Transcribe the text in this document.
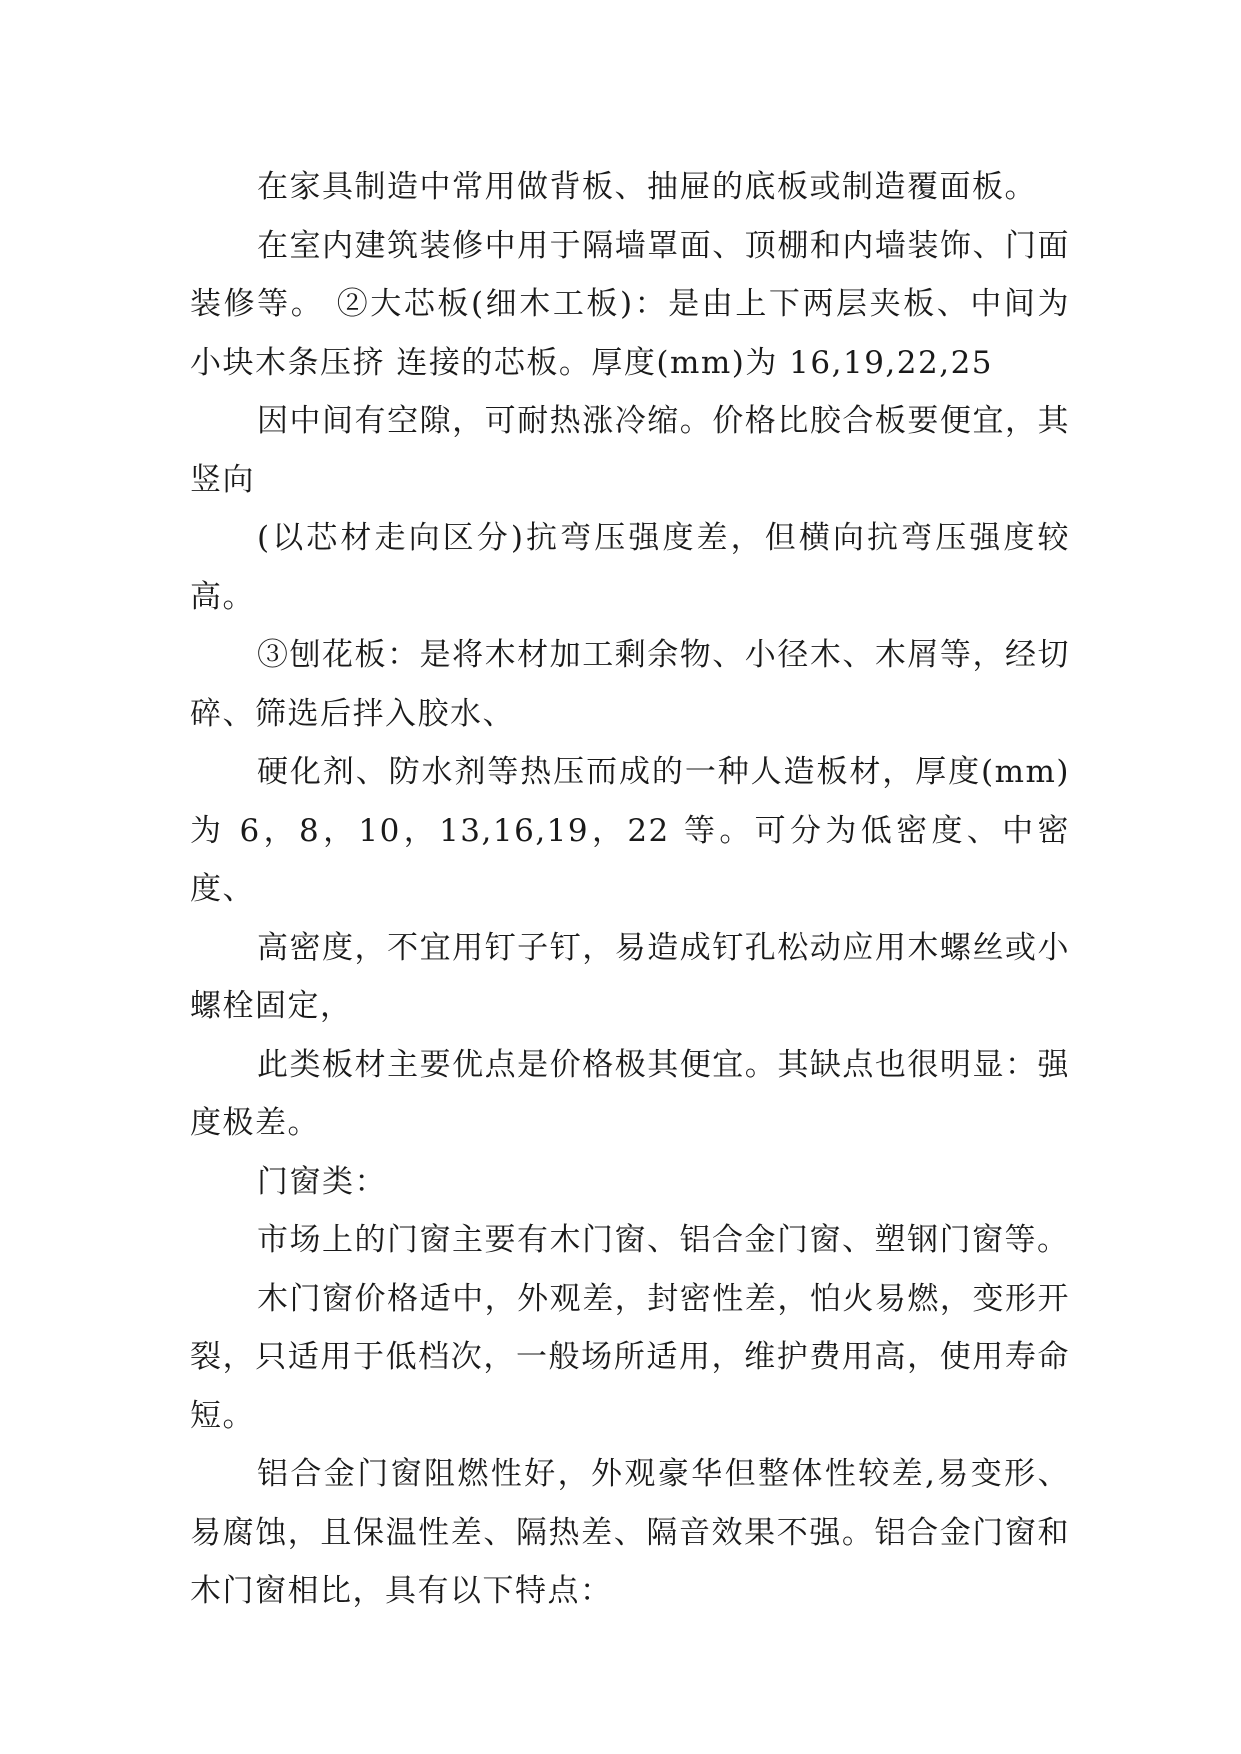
在家具制造中常用做背板、抽屉的底板或制造覆面板。

在室内建筑装修中用于隔墙罩面、顶棚和内墙装饰、门面装修等。 ②大芯板(细木工板)：是由上下两层夹板、中间为小块木条压挤 连接的芯板。厚度(mm)为 16,19,22,25

因中间有空隙，可耐热涨冷缩。价格比胶合板要便宜，其竖向

(以芯材走向区分)抗弯压强度差，但横向抗弯压强度较高。

③刨花板：是将木材加工剩余物、小径木、木屑等，经切碎、筛选后拌入胶水、

硬化剂、防水剂等热压而成的一种人造板材，厚度(mm)为 6，8，10，13,16,19，22 等。可分为低密度、中密度、

高密度，不宜用钉子钉，易造成钉孔松动应用木螺丝或小螺栓固定，

此类板材主要优点是价格极其便宜。其缺点也很明显：强度极差。

门窗类：

市场上的门窗主要有木门窗、铝合金门窗、塑钢门窗等。

木门窗价格适中，外观差，封密性差，怕火易燃，变形开裂，只适用于低档次，一般场所适用，维护费用高，使用寿命短。

铝合金门窗阻燃性好，外观豪华但整体性较差,易变形、易腐蚀，且保温性差、隔热差、隔音效果不强。铝合金门窗和木门窗相比，具有以下特点：
